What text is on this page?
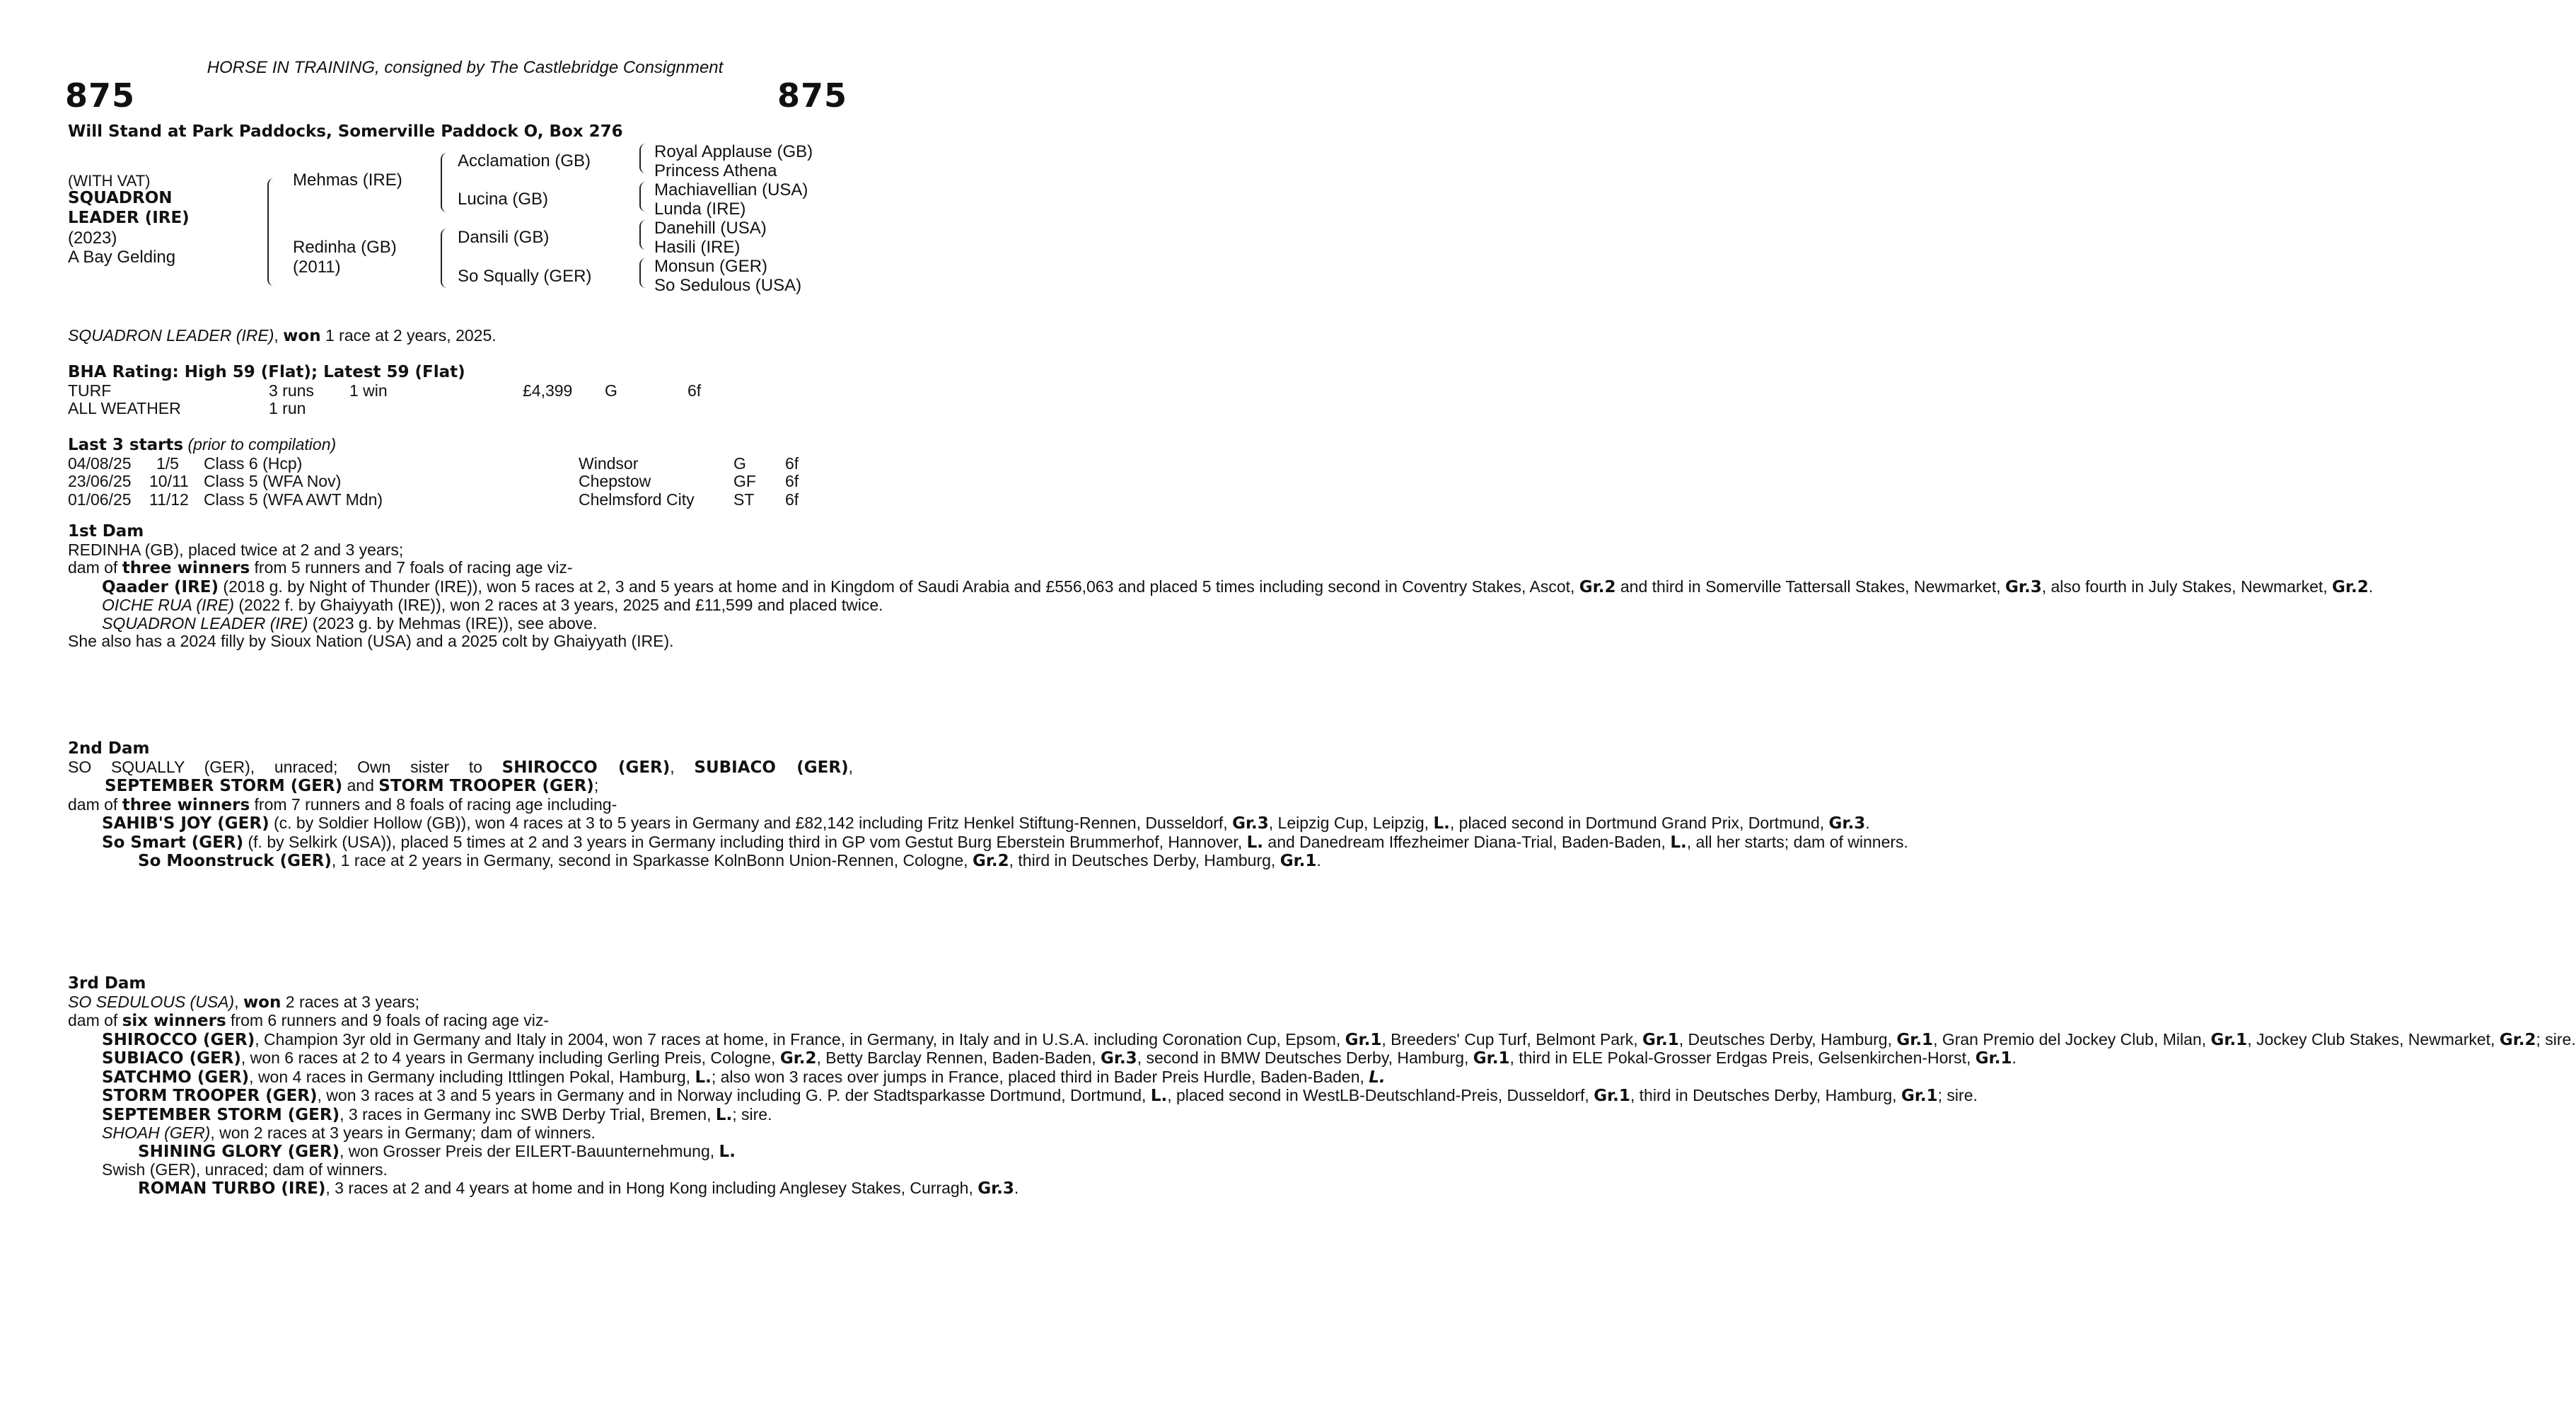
HORSE IN TRAINING, consigned by The Castlebridge Consignment
875	875
Will Stand at Park Paddocks, Somerville Paddock O, Box 276
(WITH VAT)
SQUADRON
LEADER (IRE)
(2023)
A Bay Gelding
Mehmas (IRE)
Redinha (GB)
(2011)
Acclamation (GB)
Lucina (GB)
Dansili (GB)
So Squally (GER)
Royal Applause (GB)
Princess Athena
Machiavellian (USA)
Lunda (IRE)
Danehill (USA)
Hasili (IRE)
Monsun (GER)
So Sedulous (USA)
SQUADRON LEADER (IRE), won 1 race at 2 years, 2025.
BHA Rating: High 59 (Flat); Latest 59 (Flat)
TURF	3 runs 1 win	£4,399 G	6f
ALL WEATHER	1 run
Last 3 starts (prior to compilation)
04/08/25 1/5 Class 6 (Hcp)	Windsor	G 6f
23/06/25 10/11 Class 5 (WFA Nov)	Chepstow	GF 6f
01/06/25 11/12 Class 5 (WFA AWT Mdn)	Chelmsford City ST 6f

1st Dam

REDINHA (GB), placed twice at 2 and 3 years;

dam of three winners from 5 runners and 7 foals of racing age viz-

Qaader (IRE) (2018 g. by Night of Thunder (IRE)), won 5 races at 2, 3 and 5 years at home and in Kingdom of Saudi Arabia and £556,063 and placed 5 times including second in Coventry Stakes, Ascot, Gr.2 and third in Somerville Tattersall Stakes, Newmarket, Gr.3, also fourth in July Stakes, Newmarket, Gr.2.

OICHE RUA (IRE) (2022 f. by Ghaiyyath (IRE)), won 2 races at 3 years, 2025 and £11,599 and placed twice.

SQUADRON LEADER (IRE) (2023 g. by Mehmas (IRE)), see above.

She also has a 2024 filly by Sioux Nation (USA) and a 2025 colt by Ghaiyyath (IRE).

2nd Dam

SO SQUALLY (GER), unraced; Own sister to SHIROCCO (GER), SUBIACO (GER),

SEPTEMBER STORM (GER) and STORM TROOPER (GER);

dam of three winners from 7 runners and 8 foals of racing age including-

SAHIB'S JOY (GER) (c. by Soldier Hollow (GB)), won 4 races at 3 to 5 years in Germany and £82,142 including Fritz Henkel Stiftung-Rennen, Dusseldorf, Gr.3, Leipzig Cup, Leipzig, L., placed second in Dortmund Grand Prix, Dortmund, Gr.3.

So Smart (GER) (f. by Selkirk (USA)), placed 5 times at 2 and 3 years in Germany including third in GP vom Gestut Burg Eberstein Brummerhof, Hannover, L. and Danedream Iffezheimer Diana-Trial, Baden-Baden, L., all her starts; dam of winners.

So Moonstruck (GER), 1 race at 2 years in Germany, second in Sparkasse KolnBonn Union-Rennen, Cologne, Gr.2, third in Deutsches Derby, Hamburg, Gr.1.

3rd Dam

SO SEDULOUS (USA), won 2 races at 3 years;

dam of six winners from 6 runners and 9 foals of racing age viz-

SHIROCCO (GER), Champion 3yr old in Germany and Italy in 2004, won 7 races at home, in France, in Germany, in Italy and in U.S.A. including Coronation Cup, Epsom, Gr.1, Breeders' Cup Turf, Belmont Park, Gr.1, Deutsches Derby, Hamburg, Gr.1, Gran Premio del Jockey Club, Milan, Gr.1, Jockey Club Stakes, Newmarket, Gr.2; sire.

SUBIACO (GER), won 6 races at 2 to 4 years in Germany including Gerling Preis, Cologne, Gr.2, Betty Barclay Rennen, Baden-Baden, Gr.3, second in BMW Deutsches Derby, Hamburg, Gr.1, third in ELE Pokal-Grosser Erdgas Preis, Gelsenkirchen-Horst, Gr.1.

SATCHMO (GER), won 4 races in Germany including Ittlingen Pokal, Hamburg, L.; also won 3 races over jumps in France, placed third in Bader Preis Hurdle, Baden-Baden, L.

STORM TROOPER (GER), won 3 races at 3 and 5 years in Germany and in Norway including G. P. der Stadtsparkasse Dortmund, Dortmund, L., placed second in WestLB-Deutschland-Preis, Dusseldorf, Gr.1, third in Deutsches Derby, Hamburg, Gr.1; sire.

SEPTEMBER STORM (GER), 3 races in Germany inc SWB Derby Trial, Bremen, L.; sire.

SHOAH (GER), won 2 races at 3 years in Germany; dam of winners.

SHINING GLORY (GER), won Grosser Preis der EILERT-Bauunternehmung, L.

Swish (GER), unraced; dam of winners.

ROMAN TURBO (IRE), 3 races at 2 and 4 years at home and in Hong Kong including Anglesey Stakes, Curragh, Gr.3.
